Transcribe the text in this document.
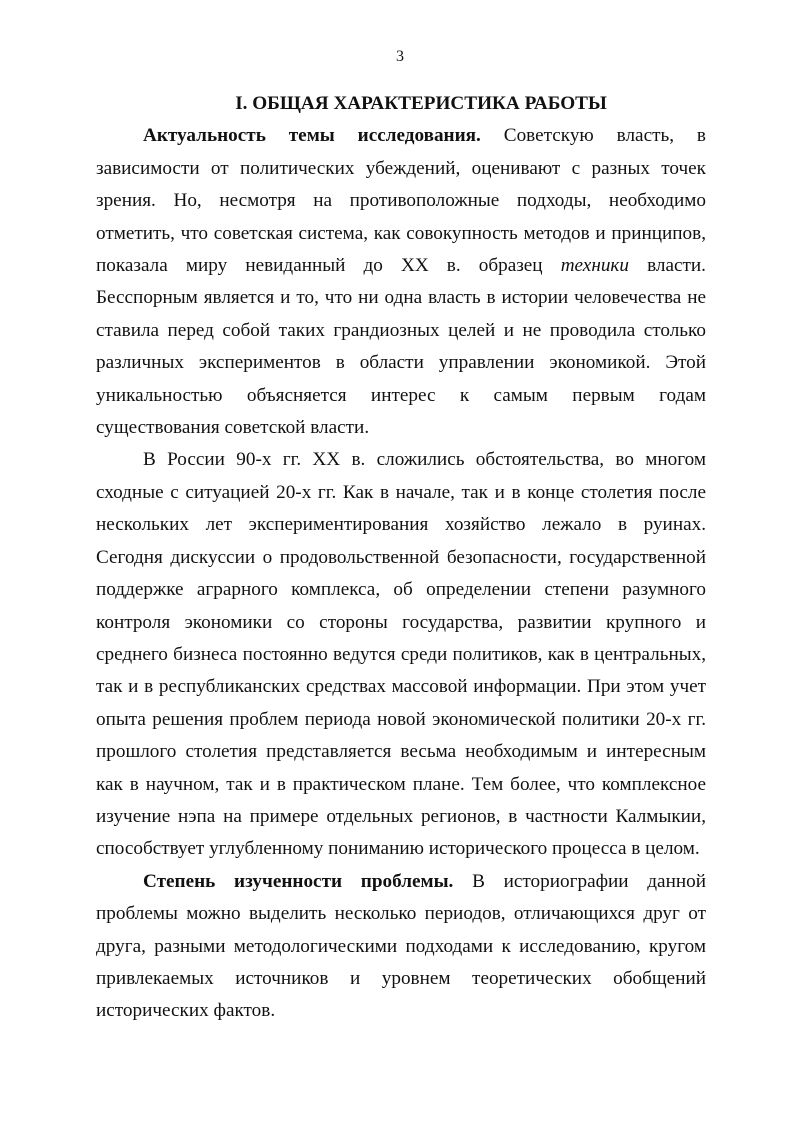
3

I. ОБЩАЯ ХАРАКТЕРИСТИКА РАБОТЫ

Актуальность темы исследования. Советскую власть, в зависимости от политических убеждений, оценивают с разных точек зрения. Но, несмотря на противоположные подходы, необходимо отметить, что советская система, как совокупность методов и принципов, показала миру невиданный до XX в. образец техники власти. Бесспорным является и то, что ни одна власть в истории человечества не ставила перед собой таких грандиозных целей и не проводила столько различных экспериментов в области управлении экономикой. Этой уникальностью объясняется интерес к самым первым годам существования советской власти.

В России 90-х гг. XX в. сложились обстоятельства, во многом сходные с ситуацией 20-х гг. Как в начале, так и в конце столетия после нескольких лет экспериментирования хозяйство лежало в руинах. Сегодня дискуссии о продовольственной безопасности, государственной поддержке аграрного комплекса, об определении степени разумного контроля экономики со стороны государства, развитии крупного и среднего бизнеса постоянно ведутся среди политиков, как в центральных, так и в республиканских средствах массовой информации. При этом учет опыта решения проблем периода новой экономической политики 20-х гг. прошлого столетия представляется весьма необходимым и интересным как в научном, так и в практическом плане. Тем более, что комплексное изучение нэпа на примере отдельных регионов, в частности Калмыкии, способствует углубленному пониманию исторического процесса в целом.

Степень изученности проблемы. В историографии данной проблемы можно выделить несколько периодов, отличающихся друг от друга, разными методологическими подходами к исследованию, кругом привлекаемых источников и уровнем теоретических обобщений исторических фактов.
